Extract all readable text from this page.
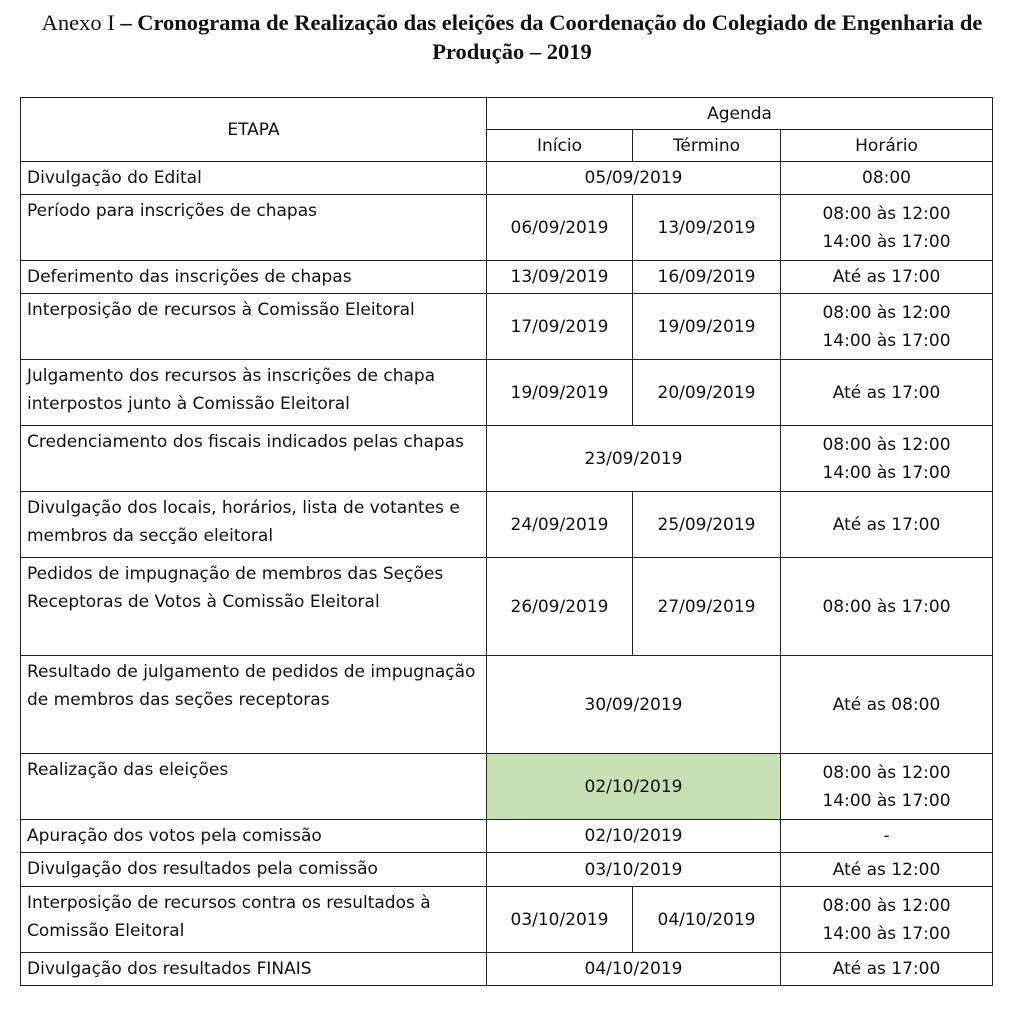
Anexo I – Cronograma de Realização das eleições da Coordenação do Colegiado de Engenharia de Produção – 2019
ETAPA	Agenda		
	Início	Término	Horário
Divulgação do Edital	05/09/2019		08:00
Período para inscrições de chapas	06/09/2019	13/09/2019	08:00 às 12:00
14:00 às 17:00
Deferimento das inscrições de chapas	13/09/2019	16/09/2019	Até as 17:00
Interposição de recursos à Comissão Eleitoral	17/09/2019	19/09/2019	08:00 às 12:00
14:00 às 17:00
Julgamento dos recursos às inscrições de chapa interpostos junto à Comissão Eleitoral	19/09/2019	20/09/2019	Até as 17:00
Credenciamento dos fiscais indicados pelas chapas	23/09/2019		08:00 às 12:00
14:00 às 17:00
Divulgação dos locais, horários, lista de votantes e membros da secção eleitoral	24/09/2019	25/09/2019	Até as 17:00
Pedidos de impugnação de membros das Seções Receptoras de Votos à Comissão Eleitoral	26/09/2019	27/09/2019	08:00 às 17:00
Resultado de julgamento de pedidos de impugnação de membros das seções receptoras	30/09/2019		Até as 08:00
Realização das eleições	02/10/2019		08:00 às 12:00
14:00 às 17:00
Apuração dos votos pela comissão	02/10/2019		-
Divulgação dos resultados pela comissão	03/10/2019		Até as 12:00
Interposição de recursos contra os resultados à Comissão Eleitoral	03/10/2019	04/10/2019	08:00 às 12:00
14:00 às 17:00
Divulgação dos resultados FINAIS	04/10/2019		Até as 17:00
